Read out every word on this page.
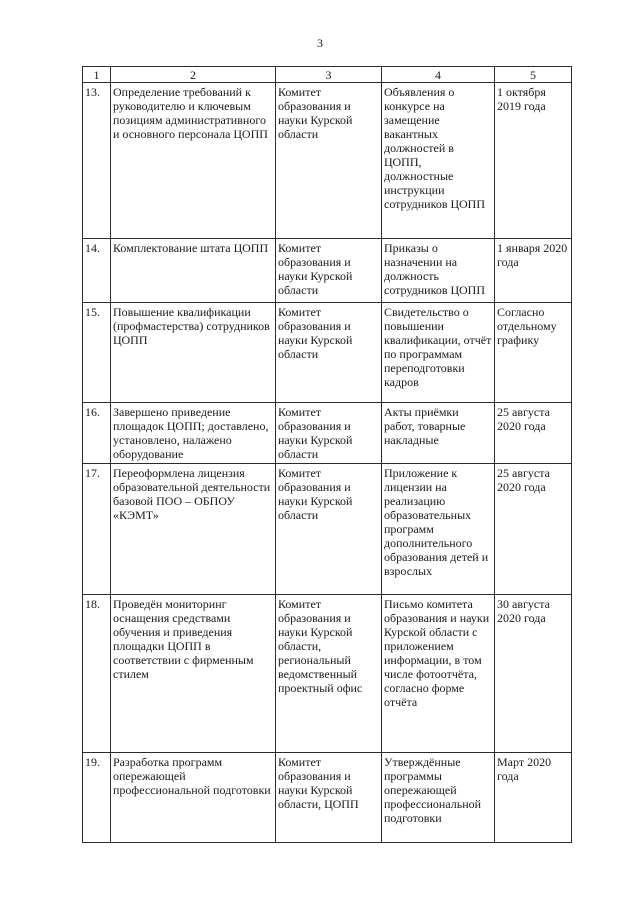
3
1	2	3	4	5
13.	Определение требований к руководителю и ключевым позициям административного и основного персонала ЦОПП	Комитет образования и науки Курской области	Объявления о конкурсе на замещение вакантных должностей в ЦОПП, должностные инструкции сотрудников ЦОПП	1 октября 2019 года
14.	Комплектование штата ЦОПП	Комитет образования и науки Курской области	Приказы о назначении на должность сотрудников ЦОПП	1 января 2020 года
15.	Повышение квалификации (профмастерства) сотрудников ЦОПП	Комитет образования и науки Курской области	Свидетельство о повышении квалификации, отчёт по программам переподготовки кадров	Согласно отдельному графику
16.	Завершено приведение площадок ЦОПП; доставлено, установлено, налажено оборудование	Комитет образования и науки Курской области	Акты приёмки работ, товарные накладные	25 августа 2020 года
17.	Переоформлена лицензия образовательной деятельности базовой ПОО – ОБПОУ «КЭМТ»	Комитет образования и науки Курской области	Приложение к лицензии на реализацию образовательных программ дополнительного образования детей и взрослых	25 августа 2020 года
18.	Проведён мониторинг оснащения средствами обучения и приведения площадки ЦОПП в соответствии с фирменным стилем	Комитет образования и науки Курской области, региональный ведомственный проектный офис	Письмо комитета образования и науки Курской области с приложением информации, в том числе фотоотчёта, согласно форме отчёта	30 августа 2020 года
19.	Разработка программ опережающей профессиональной подготовки	Комитет образования и науки Курской области, ЦОПП	Утверждённые программы опережающей профессиональной подготовки	Март 2020 года
